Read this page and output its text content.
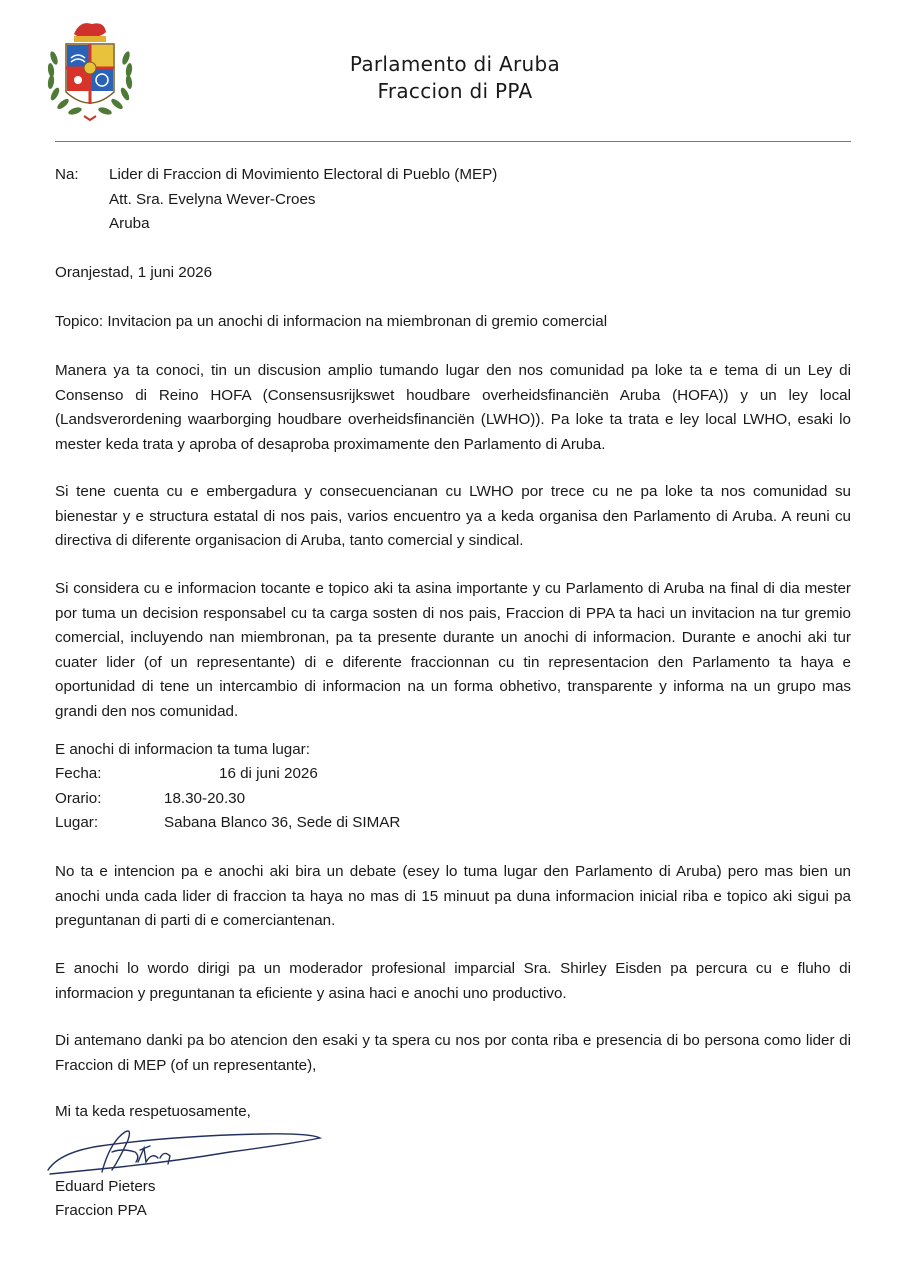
Parlamento di Aruba
Fraccion di PPA
Na: Lider di Fraccion di Movimiento Electoral di Pueblo (MEP)
Att. Sra. Evelyna Wever-Croes
Aruba
Oranjestad, 1 juni 2026
Topico: Invitacion pa un anochi di informacion na miembronan di gremio comercial
Manera ya ta conoci, tin un discusion amplio tumando lugar den nos comunidad pa loke ta e tema di un Ley di Consenso di Reino HOFA (Consensusrijkswet houdbare overheidsfinanciën Aruba (HOFA)) y un ley local (Landsverordening waarborging houdbare overheidsfinanciën (LWHO)). Pa loke ta trata e ley local LWHO, esaki lo mester keda trata y aproba of desaproba proximamente den Parlamento di Aruba.
Si tene cuenta cu e embergadura y consecuencianan cu LWHO por trece cu ne pa loke ta nos comunidad su bienestar y e structura estatal di nos pais, varios encuentro ya a keda organisa den Parlamento di Aruba. A reuni cu directiva di diferente organisacion di Aruba, tanto comercial y sindical.
Si considera cu e informacion tocante e topico aki ta asina importante y cu Parlamento di Aruba na final di dia mester por tuma un decision responsabel cu ta carga sosten di nos pais, Fraccion di PPA ta haci un invitacion na tur gremio comercial, incluyendo nan miembronan, pa ta presente durante un anochi di informacion. Durante e anochi aki tur cuater lider (of un representante) di e diferente fraccionnan cu tin representacion den Parlamento ta haya e oportunidad di tene un intercambio di informacion na un forma obhetivo, transparente y informa na un grupo mas grandi den nos comunidad.
E anochi di informacion ta tuma lugar:
Fecha:	16 di juni 2026
Orario:	18.30-20.30
Lugar:	Sabana Blanco 36, Sede di SIMAR
No ta e intencion pa e anochi aki bira un debate (esey lo tuma lugar den Parlamento di Aruba) pero mas bien un anochi unda cada lider di fraccion ta haya no mas di 15 minuut pa duna informacion inicial riba e topico aki sigui pa preguntanan di parti di e comerciantenan.
E anochi lo wordo dirigi pa un moderador profesional imparcial Sra. Shirley Eisden pa percura cu e fluho di informacion y preguntanan ta eficiente y asina haci e anochi uno productivo.
Di antemano danki pa bo atencion den esaki y ta spera cu nos por conta riba e presencia di bo persona como lider di Fraccion di MEP (of un representante),
Mi ta keda respetuosamente,
Eduard Pieters
Fraccion PPA
